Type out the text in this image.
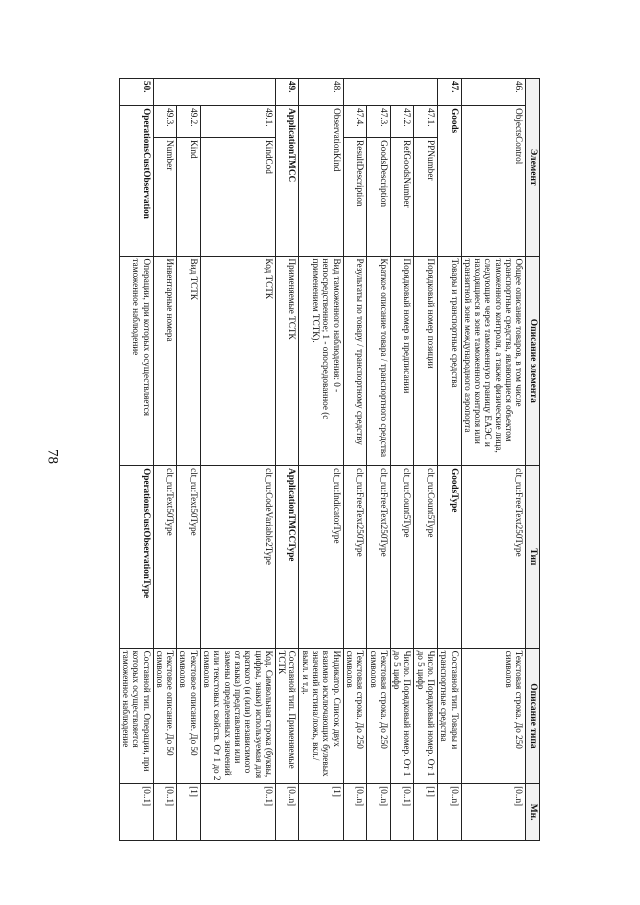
78
Элемент			Описание элемента	Тип	Описание типа	Мн.
46.	ObjectsControl		Общее описание товаров, в том числе транспортные средства, являющиеся объектом таможенного контроля, а также физические лица, следующие через таможенную границу ЕАЭС и находящиеся в зоне таможенного контроля или транзитной зоне международного аэропорта	clt_ru:FreeText250Type	Текстовая строка. До 250 символов	[0..n]
47.	Goods		Товары и транспортные средства	GoodsType	Составной тип. Товары и транспортные средства	[0..n]
	47.1.	PPNumber	Порядковый номер позиции	clt_ru:Count5Type	Число. Порядковый номер. От 1 до 5 цифр	[1]
	47.2.	RefGoodsNumber	Порядковый номер в предписании	clt_ru:Count5Type	Число. Порядковый номер. От 1 до 5 цифр	[0..1]
	47.3.	GoodsDescription	Краткое описание товара / транспортного средства	clt_ru:FreeText250Type	Текстовая строка. До 250 символов	[0..n]
	47.4.	ResultDescription	Результаты по товару / транспортному средству	clt_ru:FreeText250Type	Текстовая строка. До 250 символов	[0..n]
48.	ObservationKind		Вид таможенного наблюдения: 0 - непосредственное; 1 - опосредованное (с применением ТСТК).	clt_ru:IndicatorType	Индикатор. Список двух взаимно исключающих булевых значений истина/ложь, вкл./выкл. и т.д.	[1]
49.	ApplicationTMCC		Применяемые ТСТК	ApplicationTMCCType	Составной тип. Применяемые ТСТК	[0..n]
	49.1.	KindCod	Код ТСТК	clt_ru:CodeVariable2Type	Код. Символьная строка (буквы, цифры, знаки) используемая для краткого (и (или) независимого от языка) представления или замены определенных значений или текстовых свойств. От 1 до 2 символов	[0..1]
	49.2.	Kind	Вид ТСТК	clt_ru:Text50Type	Текстовое описание. До 50 символов	[1]
	49.3.	Number	Инвентарные номера	clt_ru:Text50Type	Текстовое описание. До 50 символов	[0..1]
50.	OperationsCustObservation		Операции, при которых осуществляется таможенное наблюдение	OperationsCustObservationType	Составной тип. Операции, при которых осуществляется таможенное наблюдение	[0..1]
